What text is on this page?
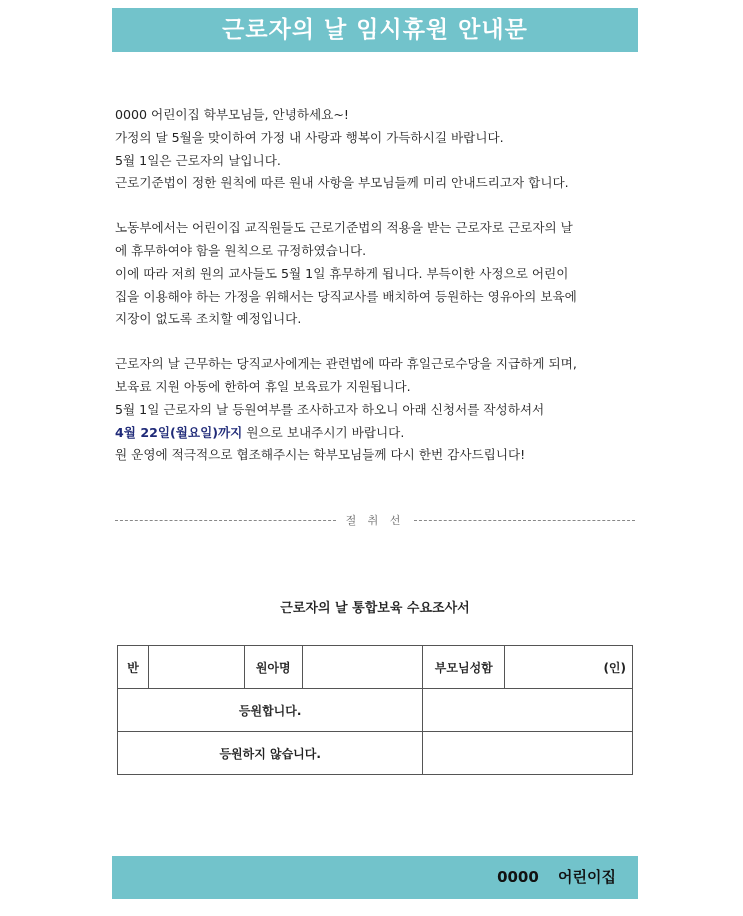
근로자의 날 임시휴원 안내문

0000 어린이집 학부모님들, 안녕하세요~!

가정의 달 5월을 맞이하여 가정 내 사랑과 행복이 가득하시길 바랍니다.

5월 1일은 근로자의 날입니다.

근로기준법이 정한 원칙에 따른 원내 사항을 부모님들께 미리 안내드리고자 합니다.

노동부에서는 어린이집 교직원들도 근로기준법의 적용을 받는 근로자로 근로자의 날

에 휴무하여야 함을 원칙으로 규정하였습니다.

이에 따라 저희 원의 교사들도 5월 1일 휴무하게 됩니다. 부득이한 사정으로 어린이

집을 이용해야 하는 가정을 위해서는 당직교사를 배치하여 등원하는 영유아의 보육에

지장이 없도록 조치할 예정입니다.

근로자의 날 근무하는 당직교사에게는 관련법에 따라 휴일근로수당을 지급하게 되며,

보육료 지원 아동에 한하여 휴일 보육료가 지원됩니다.

5월 1일 근로자의 날 등원여부를 조사하고자 하오니 아래 신청서를 작성하셔서

4월 22일(월요일)까지 원으로 보내주시기 바랍니다.

원 운영에 적극적으로 협조해주시는 학부모님들께 다시 한번 감사드립니다!

절 취 선
근로자의 날 통합보육 수요조사서
반		원아명		부모님성함	(인)
등원합니다.					
등원하지 않습니다.					
0000 어린이집
